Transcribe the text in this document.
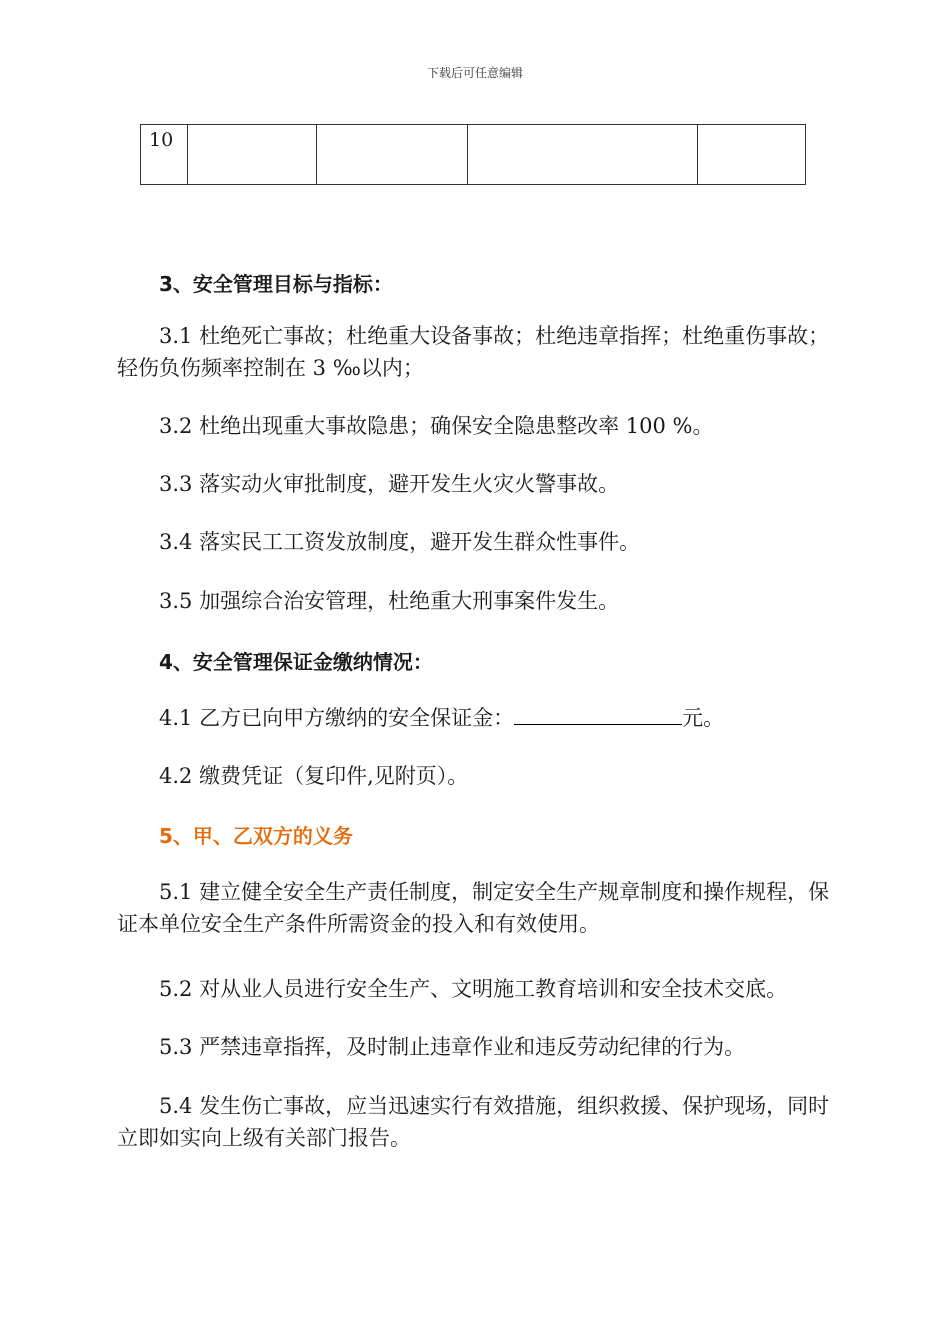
下载后可任意编辑
10				

3、安全管理目标与指标：

3.1 杜绝死亡事故；杜绝重大设备事故；杜绝违章指挥；杜绝重伤事故；轻伤负伤频率控制在 3 ‰以内；

3.2 杜绝出现重大事故隐患；确保安全隐患整改率 100 %。

3.3 落实动火审批制度，避开发生火灾火警事故。

3.4 落实民工工资发放制度，避开发生群众性事件。

3.5 加强综合治安管理，杜绝重大刑事案件发生。

4、安全管理保证金缴纳情况：

4.1 乙方已向甲方缴纳的安全保证金：	元。

4.2 缴费凭证（复印件,见附页）。

5、甲、乙双方的义务

5.1 建立健全安全生产责任制度，制定安全生产规章制度和操作规程，保证本单位安全生产条件所需资金的投入和有效使用。

5.2 对从业人员进行安全生产、文明施工教育培训和安全技术交底。

5.3 严禁违章指挥，及时制止违章作业和违反劳动纪律的行为。

5.4 发生伤亡事故，应当迅速实行有效措施，组织救援、保护现场，同时立即如实向上级有关部门报告。
